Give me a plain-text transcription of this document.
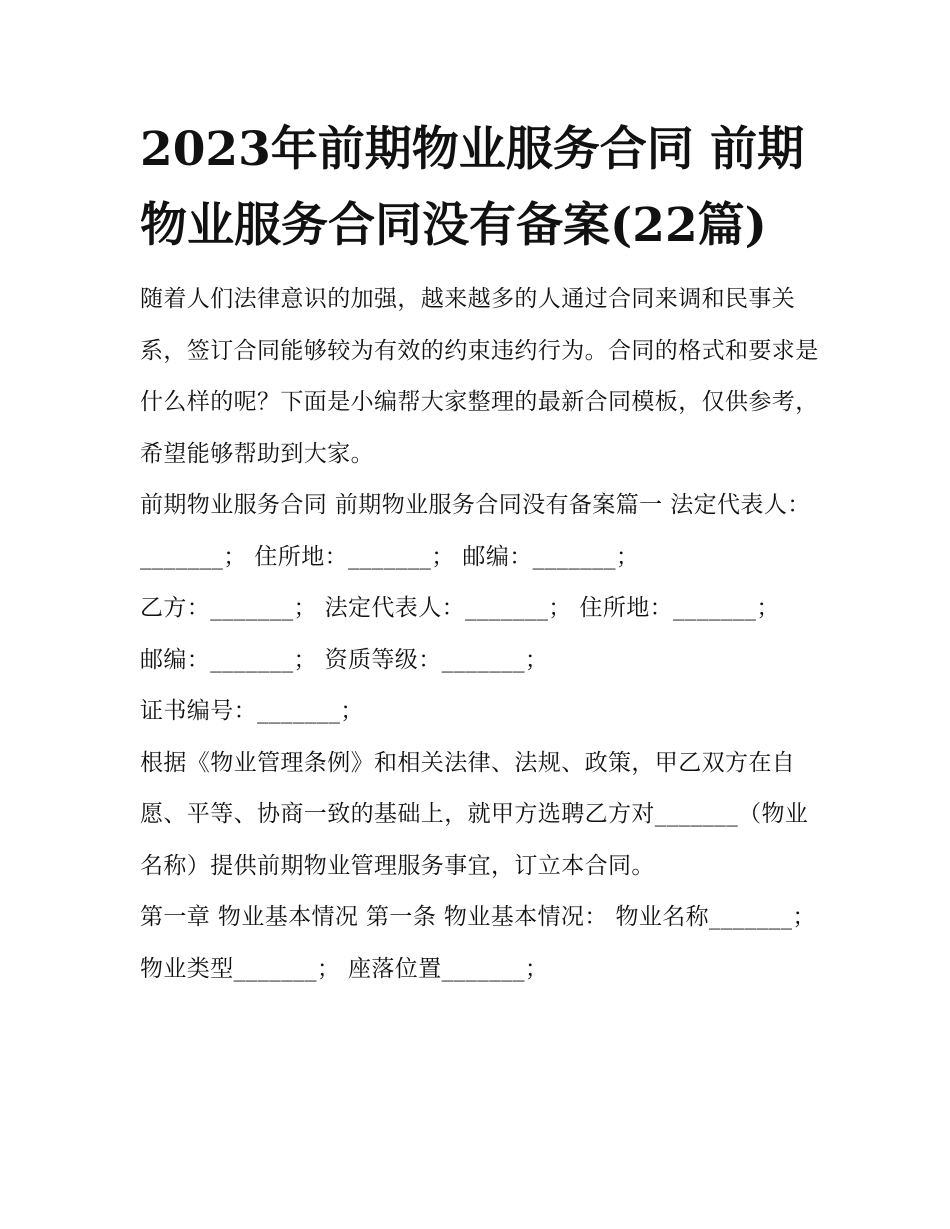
2023年前期物业服务合同 前期物业服务合同没有备案(22篇)

随着人们法律意识的加强，越来越多的人通过合同来调和民事关系，签订合同能够较为有效的约束违约行为。合同的格式和要求是什么样的呢？下面是小编帮大家整理的最新合同模板，仅供参考，希望能够帮助到大家。

前期物业服务合同 前期物业服务合同没有备案篇一 法定代表人：_______； 住所地：_______； 邮编：_______；

乙方：_______； 法定代表人：_______； 住所地：_______；

邮编：_______； 资质等级：_______；

证书编号：_______；

根据《物业管理条例》和相关法律、法规、政策，甲乙双方在自愿、平等、协商一致的基础上，就甲方选聘乙方对_______（物业名称）提供前期物业管理服务事宜，订立本合同。

第一章 物业基本情况 第一条 物业基本情况： 物业名称_______； 物业类型_______； 座落位置_______；
